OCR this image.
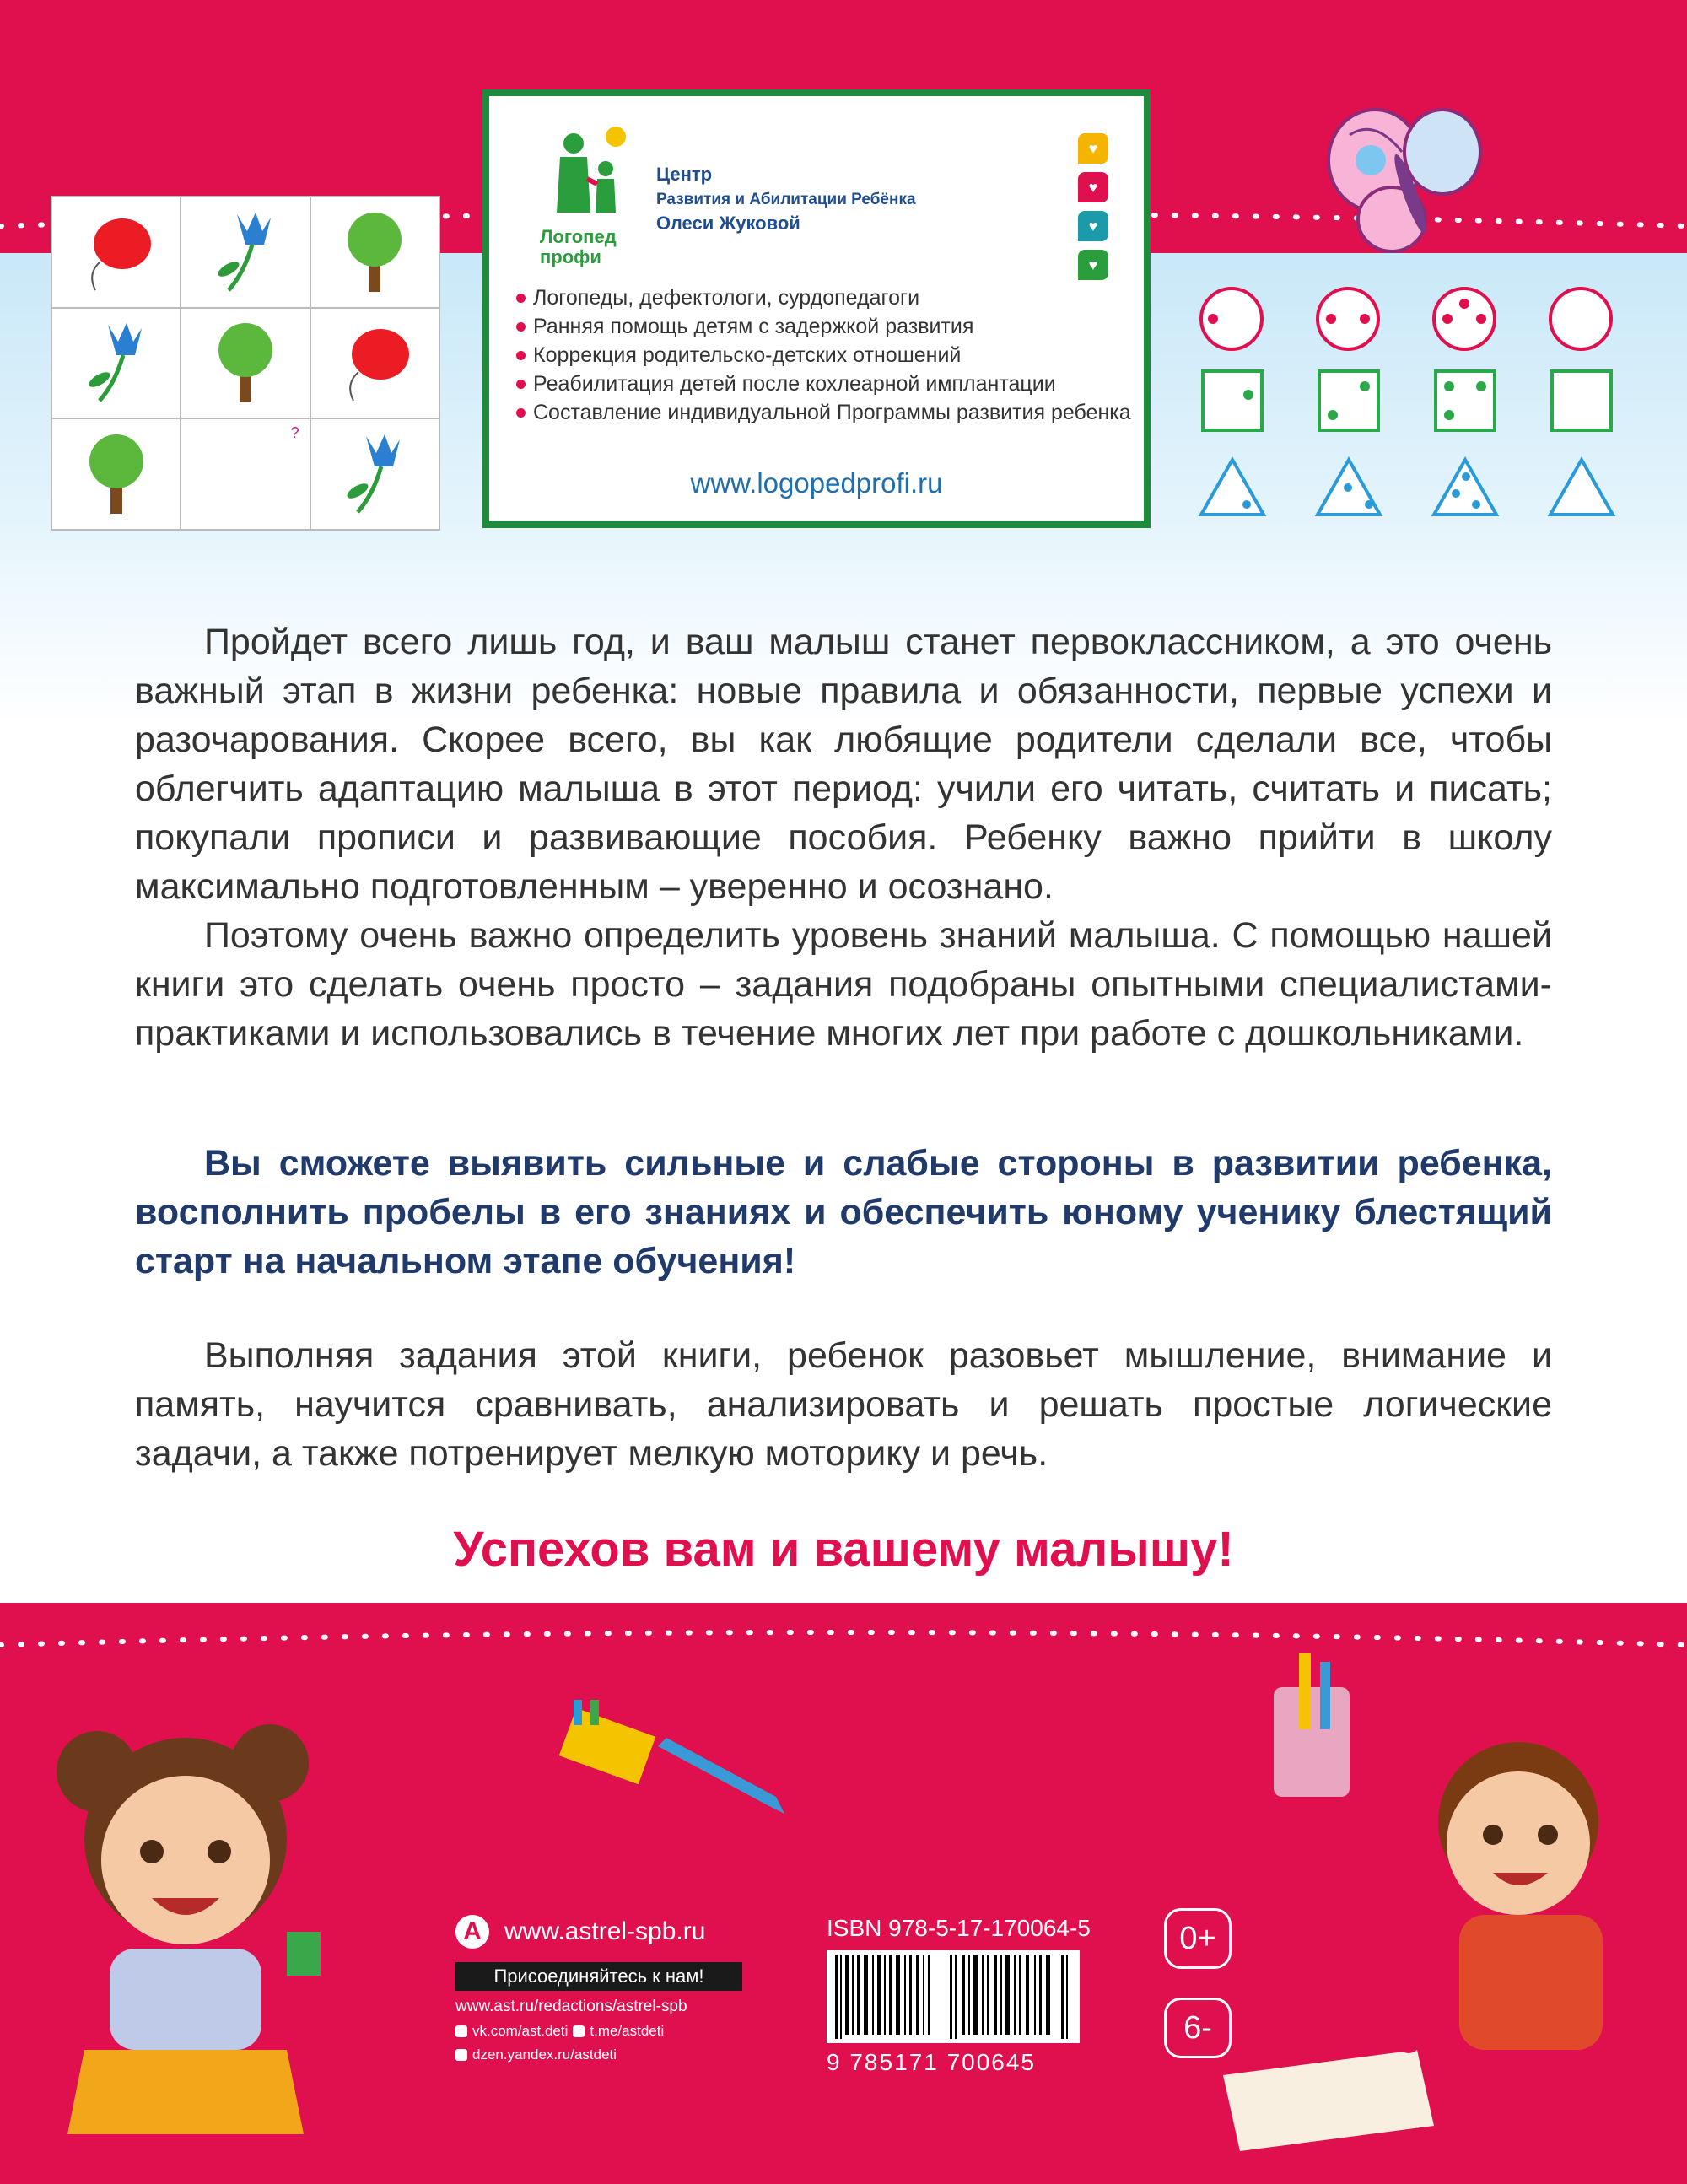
?
Логопед
профи
Центр
Развития и Абилитации Ребёнка
Олеси Жуковой
♥
♥
♥
♥
Логопеды, дефектологи, сурдопедагоги
Ранняя помощь детям с задержкой развития
Коррекция родительско-детских отношений
Реабилитация детей после кохлеарной имплантации
Составление индивидуальной Программы развития ребенка
www.logopedprofi.ru

Пройдет всего лишь год, и ваш малыш станет первоклассником, а это очень важный этап в жизни ребенка: новые правила и обязанности, первые успехи и разочарования. Скорее всего, вы как любящие родители сделали все, чтобы облегчить адаптацию малыша в этот период: учили его читать, считать и писать; покупали прописи и развивающие пособия. Ребенку важно прийти в школу максимально подготовленным – уверенно и осознано.

Поэтому очень важно определить уровень знаний малыша. С помощью нашей книги это сделать очень просто – задания подобраны опытными специалистами-практиками и использовались в течение многих лет при работе с дошкольниками.

Вы сможете выявить сильные и слабые стороны в развитии ребенка, восполнить пробелы в его знаниях и обеспечить юному ученику блестящий старт на начальном этапе обучения!

Выполняя задания этой книги, ребенок разовьет мышление, внимание и память, научится сравнивать, анализировать и решать простые логические задачи, а также потренирует мелкую моторику и речь.

Успехов вам и вашему малышу!
А www.astrel-spb.ru
Присоединяйтесь к нам!
www.ast.ru/redactions/astrel-spb
vk.com/ast.deti t.me/astdeti
dzen.yandex.ru/astdeti
ISBN 978-5-17-170064-5
9 785171 700645
0+
6-
